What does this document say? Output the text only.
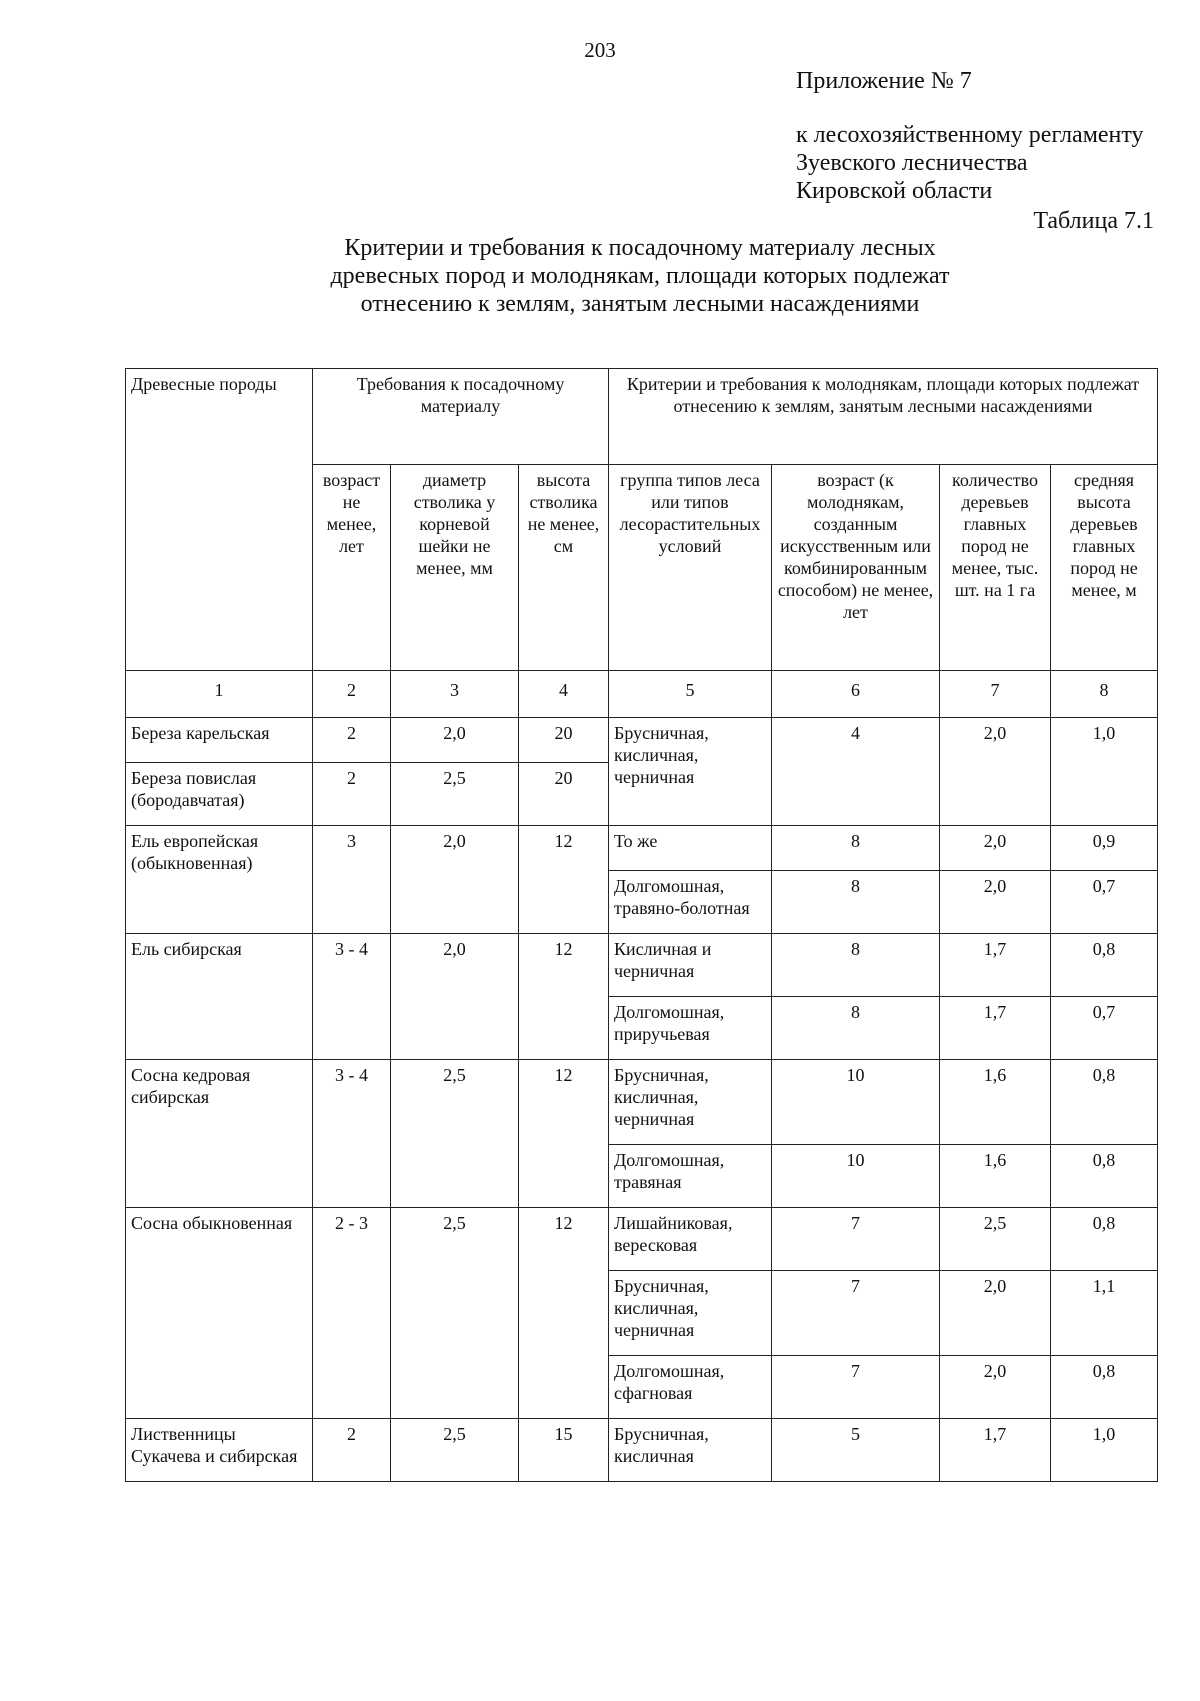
203
Приложение № 7
к лесохозяйственному регламенту
Зуевского лесничества
Кировской области
Таблица 7.1
Критерии и требования к посадочному материалу лесных
древесных пород и молоднякам, площади которых подлежат
отнесению к землям, занятым лесными насаждениями
Древесные породы	Требования к посадочному материалу			Критерии и требования к молоднякам, площади которых подлежат отнесению к землям, занятым лесными насаждениями			
	возраст не менее, лет	диаметр стволика у корневой шейки не менее, мм	высота стволика не менее, см	группа типов леса или типов лесорастительных условий	возраст (к молоднякам, созданным искусственным или комбинированным способом) не менее, лет	количество деревьев главных пород не менее, тыс. шт. на 1 га	средняя высота деревьев главных пород не менее, м
1	2	3	4	5	6	7	8
Береза карельская	2	2,0	20	Брусничная, кисличная, черничная	4	2,0	1,0
Береза повислая (бородавчатая)	2	2,5	20				
Ель европейская (обыкновенная)	3	2,0	12	То же	8	2,0	0,9
				Долгомошная, травяно-болотная	8	2,0	0,7
Ель сибирская	3 - 4	2,0	12	Кисличная и черничная	8	1,7	0,8
				Долгомошная, приручьевая	8	1,7	0,7
Сосна кедровая сибирская	3 - 4	2,5	12	Брусничная, кисличная, черничная	10	1,6	0,8
				Долгомошная, травяная	10	1,6	0,8
Сосна обыкновенная	2 - 3	2,5	12	Лишайниковая, вересковая	7	2,5	0,8
				Брусничная, кисличная, черничная	7	2,0	1,1
				Долгомошная, сфагновая	7	2,0	0,8
Лиственницы Сукачева и сибирская	2	2,5	15	Брусничная, кисличная	5	1,7	1,0
